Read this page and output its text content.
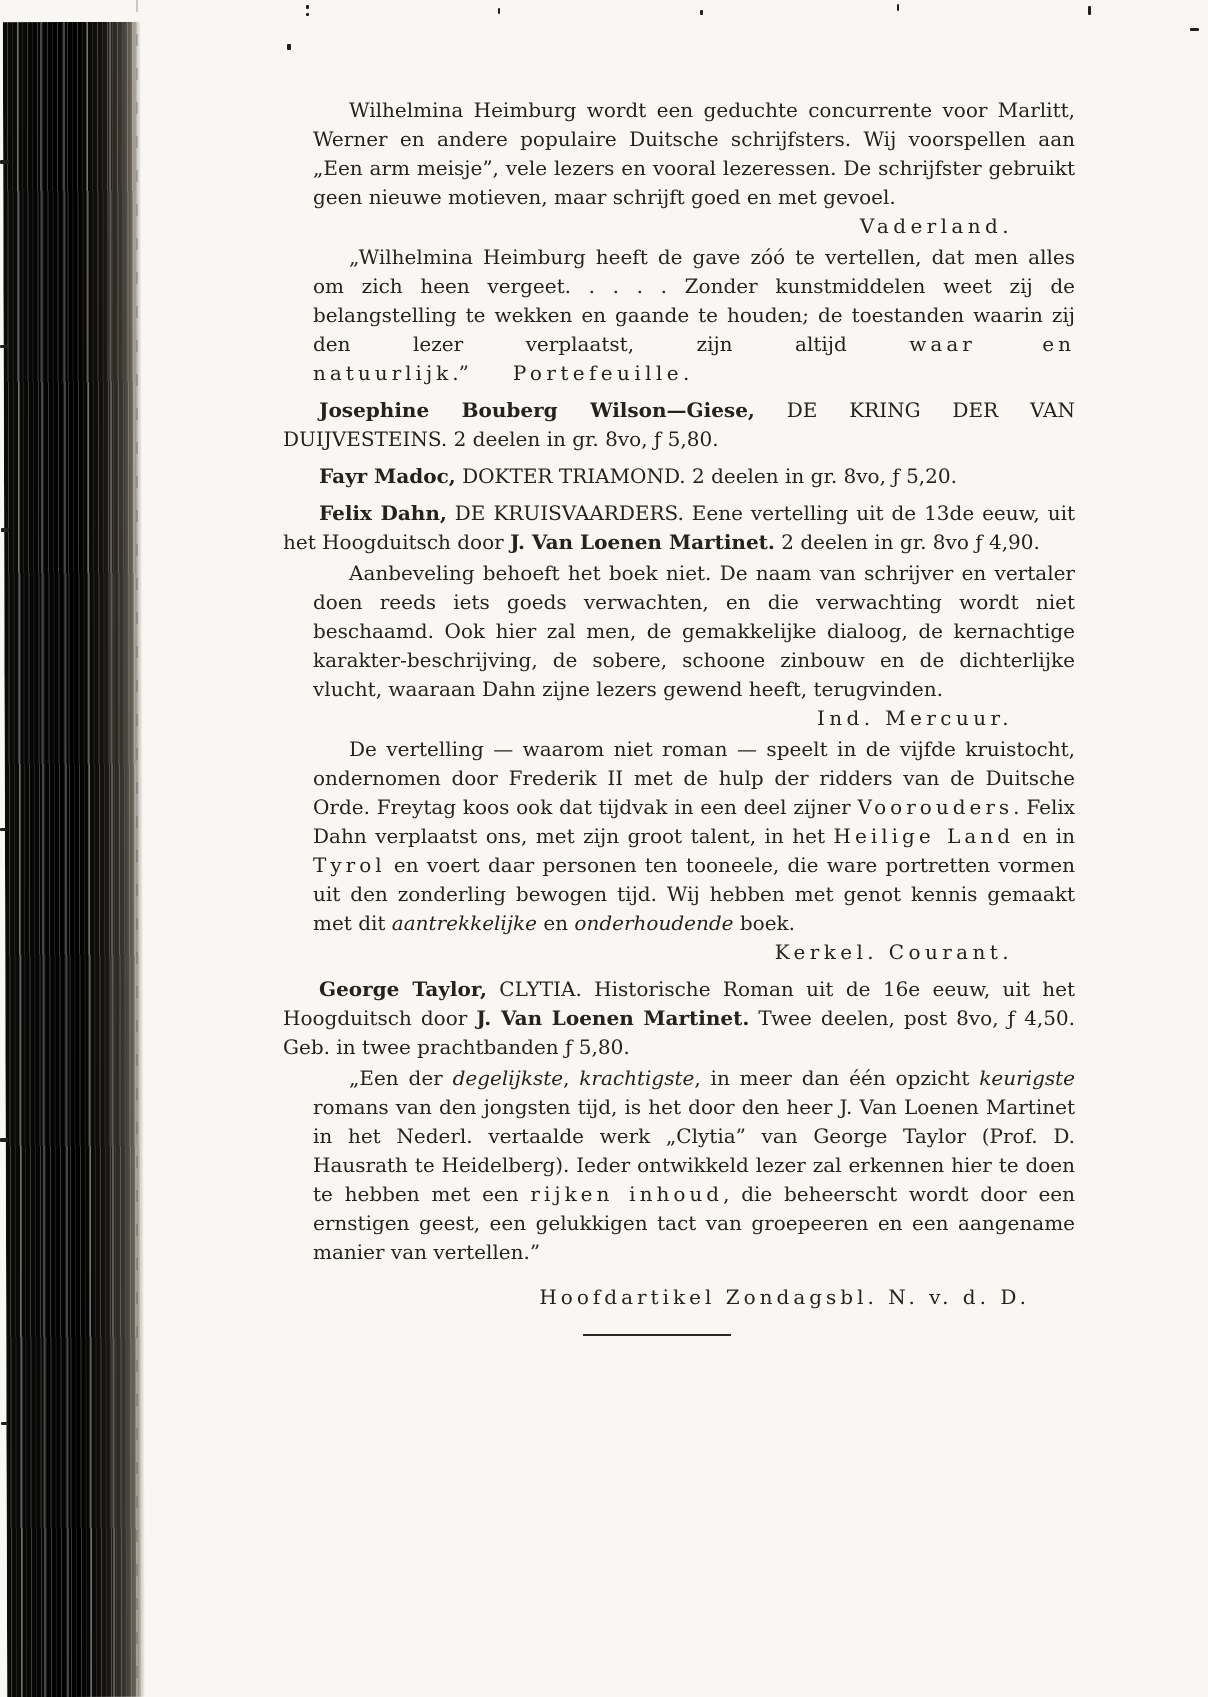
Wilhelmina Heimburg wordt een geduchte concurrente voor Marlitt, Werner en andere populaire Duitsche schrijfsters. Wij voorspellen aan „Een arm meisje”, vele lezers en vooral lezeressen. De schrijfster gebruikt geen nieuwe motieven, maar schrijft goed en met gevoel.

Vaderland.

„Wilhelmina Heimburg heeft de gave zóó te vertellen, dat men alles om zich heen vergeet. . . . . Zonder kunstmiddelen weet zij de belangstelling te wekken en gaande te houden; de toestanden waarin zij den lezer verplaatst, zijn altijd waar en natuurlijk.” Portefeuille.

Josephine Bouberg Wilson—Giese, DE KRING DER VAN DUIJVESTEINS. 2 deelen in gr. 8vo, ƒ 5,80.

Fayr Madoc, DOKTER TRIAMOND. 2 deelen in gr. 8vo, ƒ 5,20.

Felix Dahn, DE KRUISVAARDERS. Eene vertelling uit de 13de eeuw, uit het Hoogduitsch door J. Van Loenen Martinet. 2 deelen in gr. 8vo ƒ 4,90.

Aanbeveling behoeft het boek niet. De naam van schrijver en vertaler doen reeds iets goeds verwachten, en die verwachting wordt niet beschaamd. Ook hier zal men, de gemakkelijke dialoog, de kernachtige karakter-beschrijving, de sobere, schoone zinbouw en de dichterlijke vlucht, waaraan Dahn zijne lezers gewend heeft, terugvinden.

Ind. Mercuur.

De vertelling — waarom niet roman — speelt in de vijfde kruistocht, ondernomen door Frederik II met de hulp der ridders van de Duitsche Orde. Freytag koos ook dat tijdvak in een deel zijner Voorouders. Felix Dahn verplaatst ons, met zijn groot talent, in het Heilige Land en in Tyrol en voert daar personen ten tooneele, die ware portretten vormen uit den zonderling bewogen tijd. Wij hebben met genot kennis gemaakt met dit aantrekkelijke en onderhoudende boek.

Kerkel. Courant.

George Taylor, CLYTIA. Historische Roman uit de 16e eeuw, uit het Hoogduitsch door J. Van Loenen Martinet. Twee deelen, post 8vo, ƒ 4,50. Geb. in twee prachtbanden ƒ 5,80.

„Een der degelijkste, krachtigste, in meer dan één opzicht keurigste romans van den jongsten tijd, is het door den heer J. Van Loenen Martinet in het Nederl. vertaalde werk „Clytia” van George Taylor (Prof. D. Hausrath te Heidelberg). Ieder ontwikkeld lezer zal erkennen hier te doen te hebben met een rijken inhoud, die beheerscht wordt door een ernstigen geest, een gelukkigen tact van groepeeren en een aangename manier van vertellen.”

Hoofdartikel Zondagsbl. N. v. d. D.
